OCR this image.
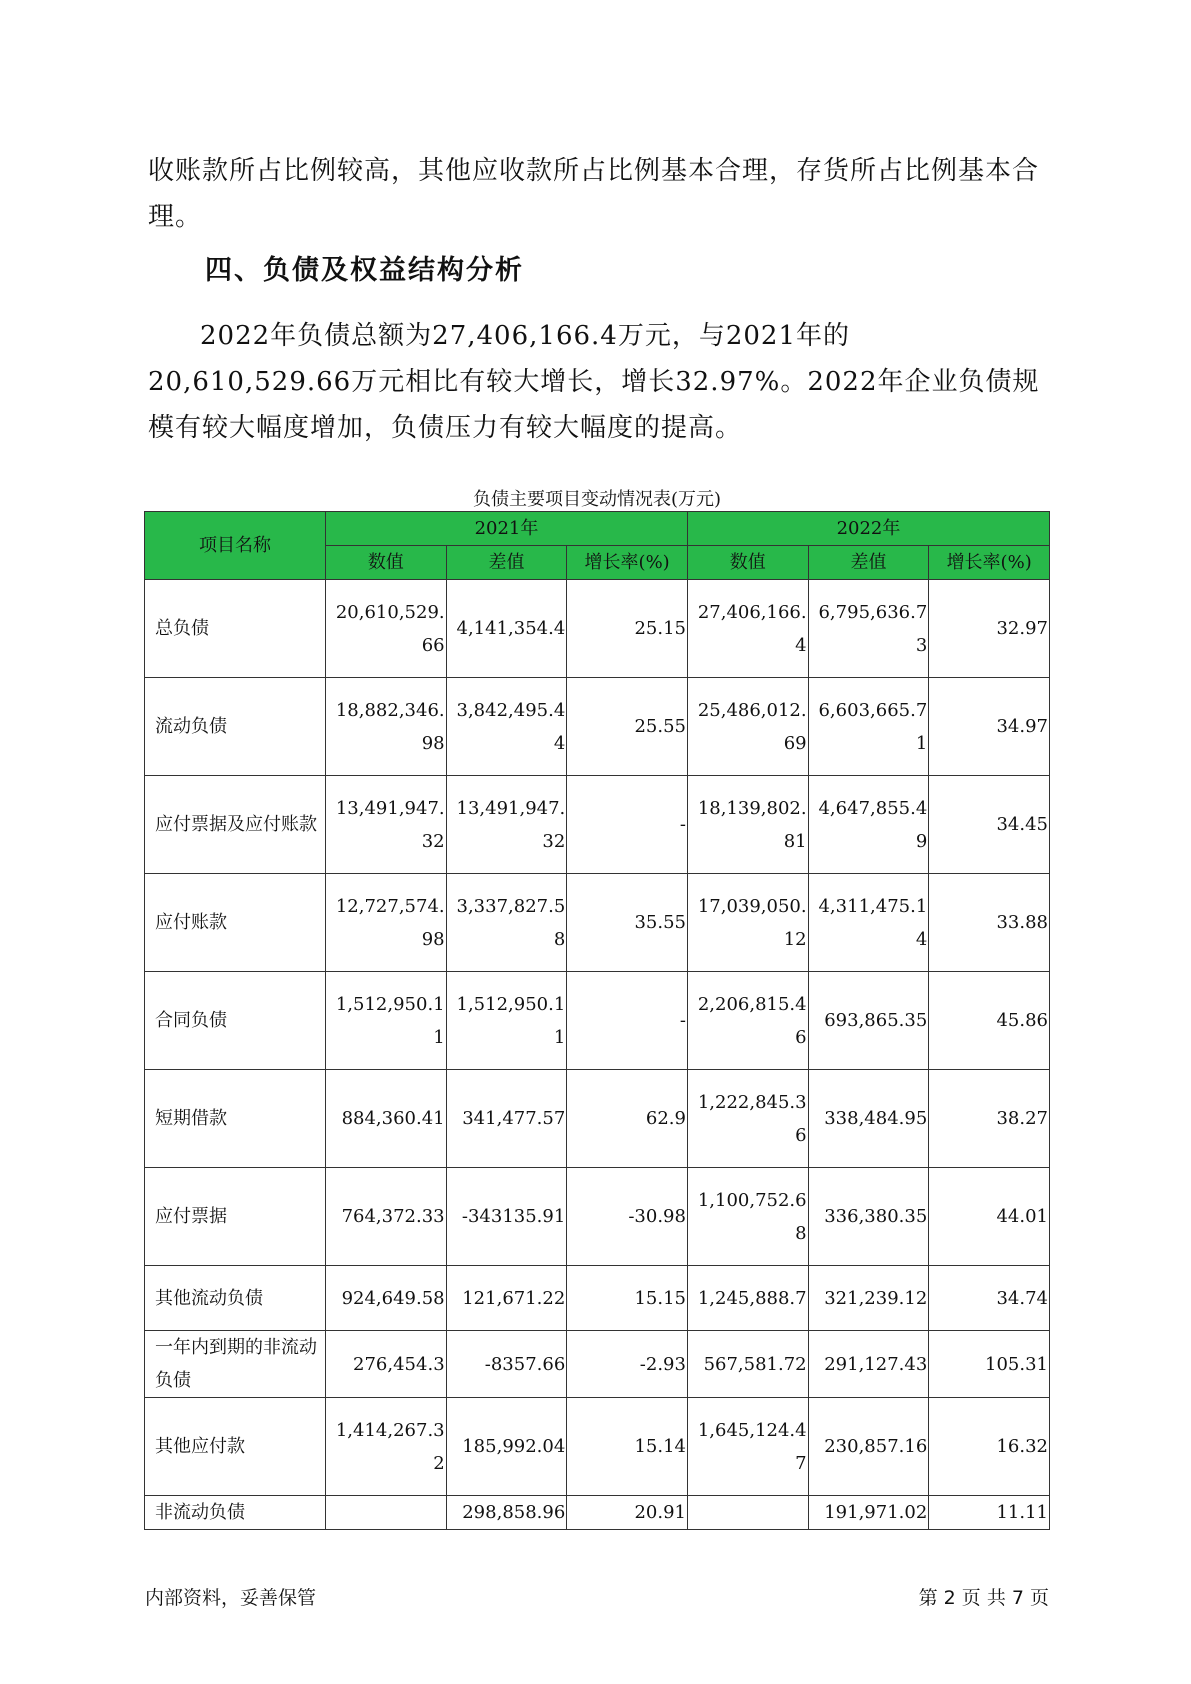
收账款所占比例较高，其他应收款所占比例基本合理，存货所占比例基本合理。

四、负债及权益结构分析

2022年负债总额为27,406,166.4万元，与2021年的20,610,529.66万元相比有较大增长，增长32.97%。2022年企业负债规模有较大幅度增加，负债压力有较大幅度的提高。

负债主要项目变动情况表(万元)
项目名称	2021年			2022年		
	数值	差值	增长率(%)	数值	差值	增长率(%)
总负债	20,610,529.66	4,141,354.4	25.15	27,406,166.4	6,795,636.73	32.97
流动负债	18,882,346.98	3,842,495.44	25.55	25,486,012.69	6,603,665.71	34.97
应付票据及应付账款	13,491,947.32	13,491,947.32	-	18,139,802.81	4,647,855.49	34.45
应付账款	12,727,574.98	3,337,827.58	35.55	17,039,050.12	4,311,475.14	33.88
合同负债	1,512,950.11	1,512,950.11	-	2,206,815.46	693,865.35	45.86
短期借款	884,360.41	341,477.57	62.9	1,222,845.36	338,484.95	38.27
应付票据	764,372.33	-343135.91	-30.98	1,100,752.68	336,380.35	44.01
其他流动负债	924,649.58	121,671.22	15.15	1,245,888.7	321,239.12	34.74
一年内到期的非流动负债	276,454.3	-8357.66	-2.93	567,581.72	291,127.43	105.31
其他应付款	1,414,267.32	185,992.04	15.14	1,645,124.47	230,857.16	16.32
非流动负债		298,858.96	20.91		191,971.02	11.11
内部资料，妥善保管	第 2 页 共 7 页
